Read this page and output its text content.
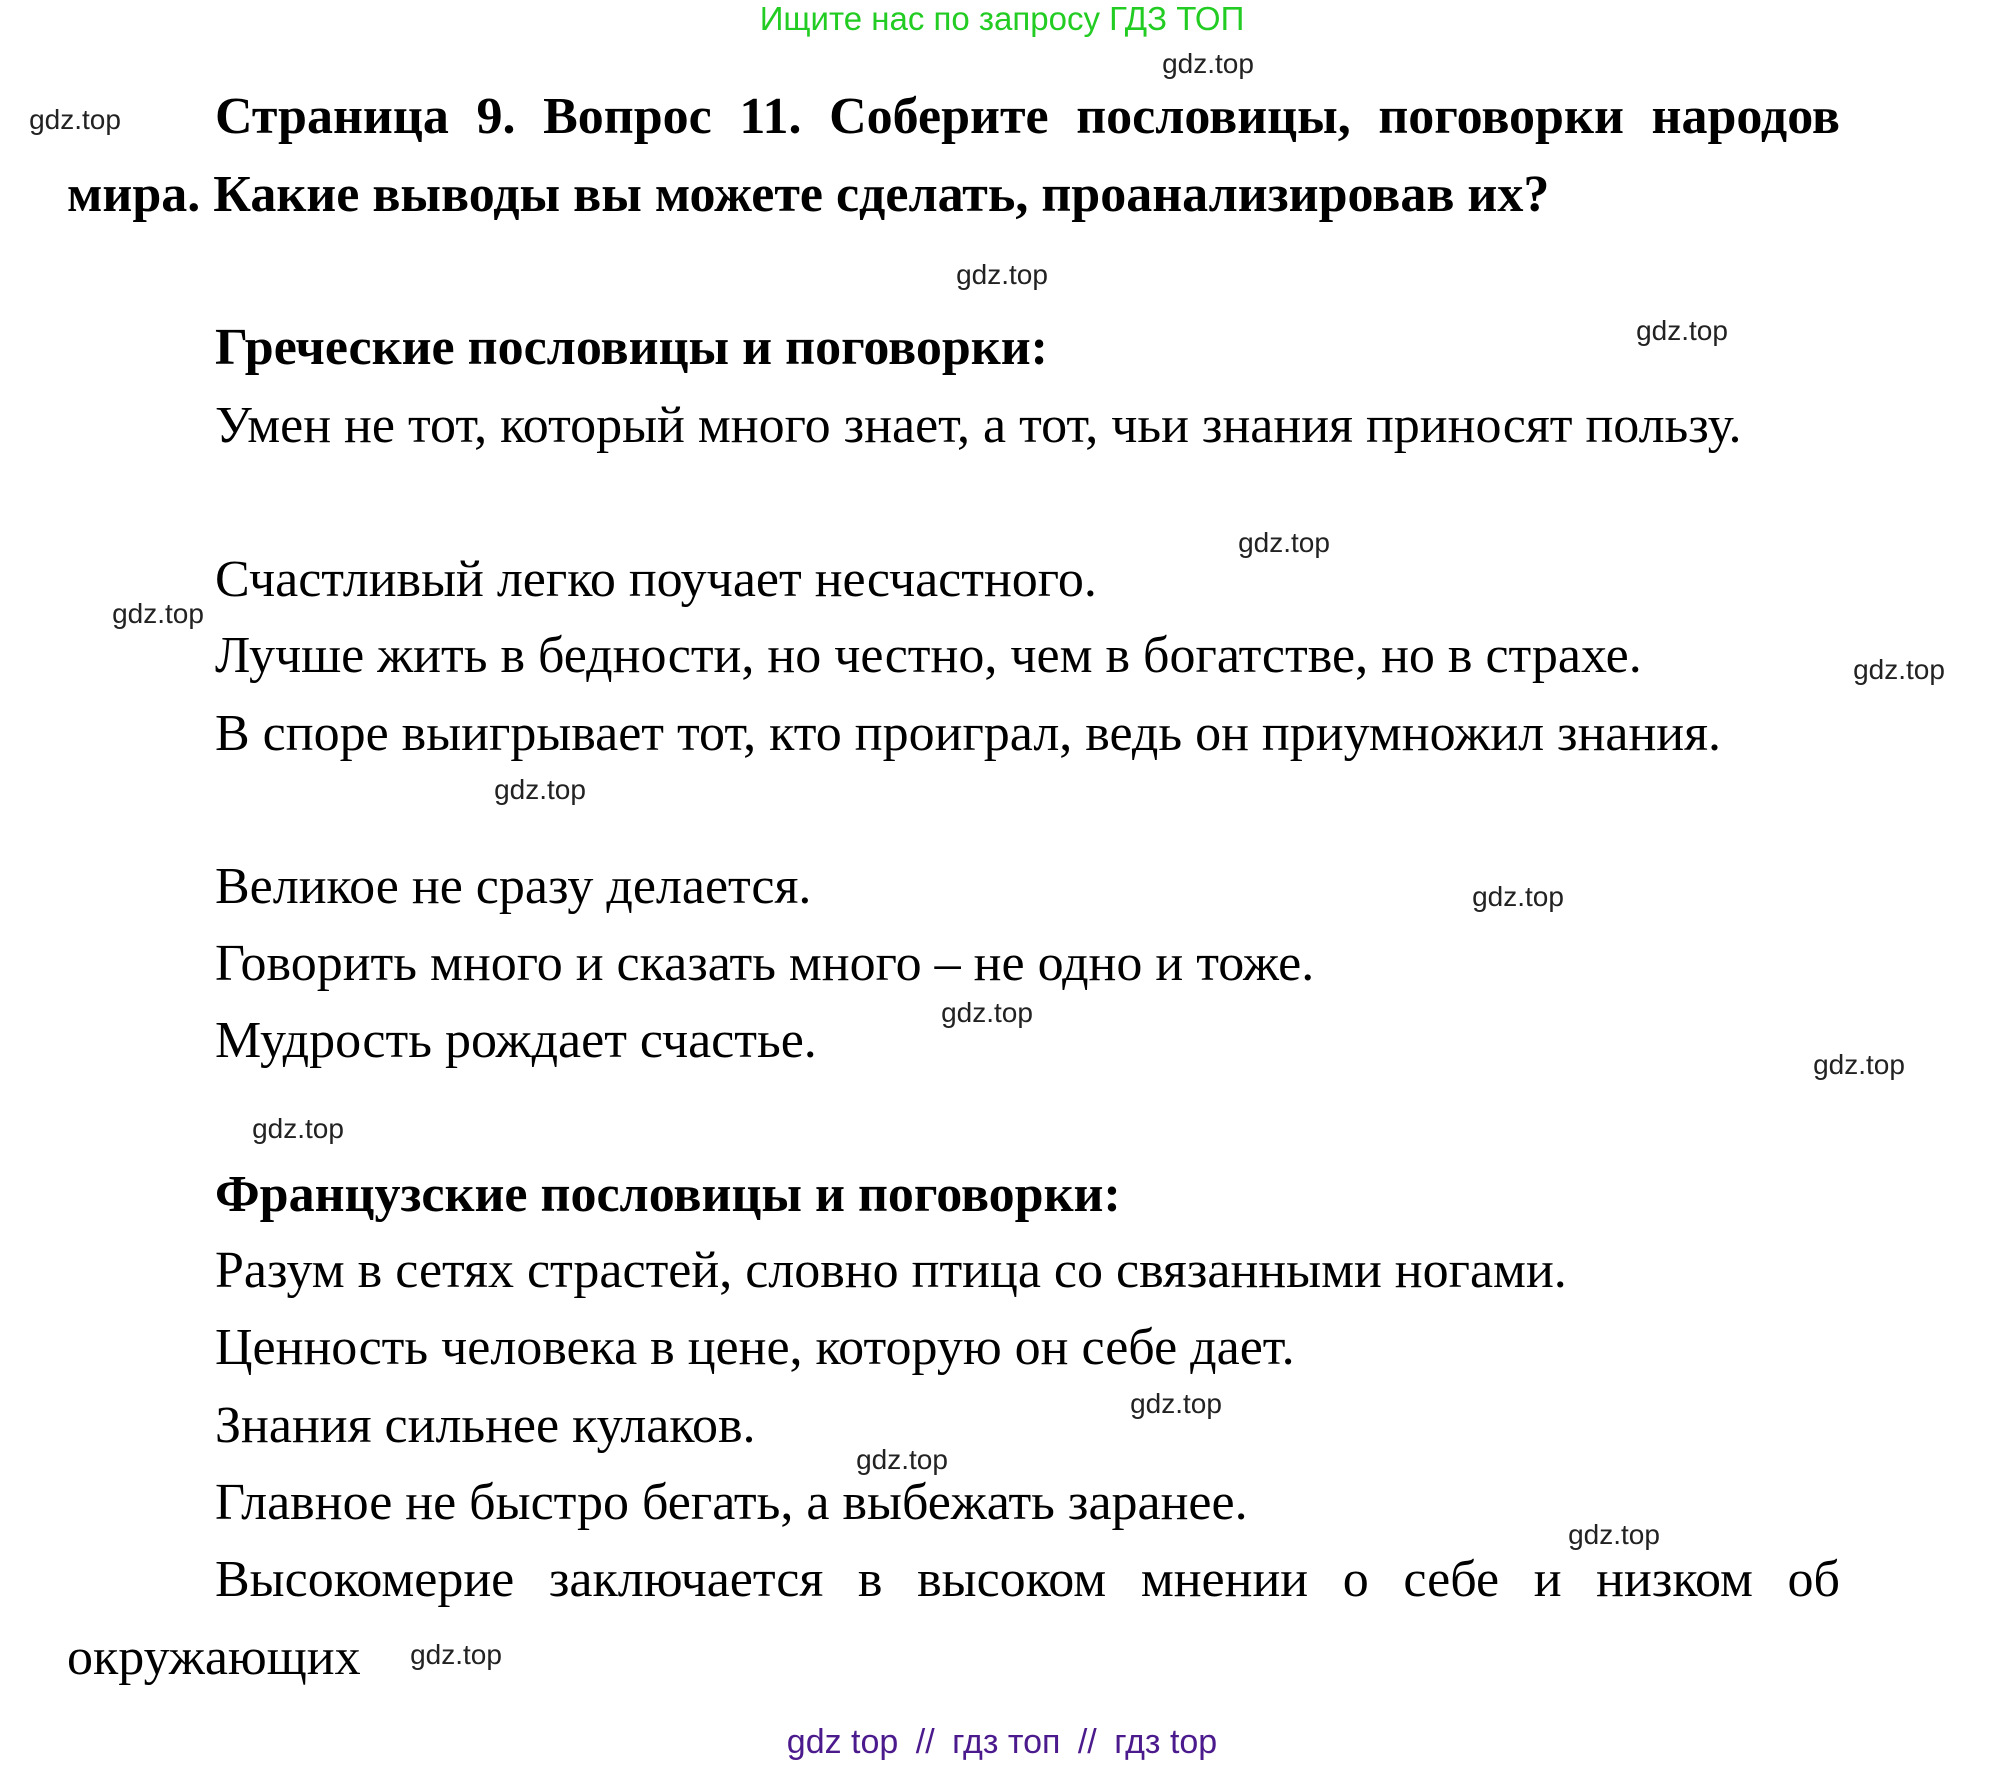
Ищите нас по запросу ГДЗ ТОП

Страница 9. Вопрос 11. Соберите пословицы, поговорки народов мира. Какие выводы вы можете сделать, проанализировав их?

Греческие пословицы и поговорки:

Умен не тот, который много знает, а тот, чьи знания приносят пользу.

Счастливый легко поучает несчастного.

Лучше жить в бедности, но честно, чем в богатстве, но в страхе.

В споре выигрывает тот, кто проиграл, ведь он приумножил знания.

Великое не сразу делается.

Говорить много и сказать много – не одно и тоже.

Мудрость рождает счастье.

Французские пословицы и поговорки:

Разум в сетях страстей, словно птица со связанными ногами.

Ценность человека в цене, которую он себе дает.

Знания сильнее кулаков.

Главное не быстро бегать, а выбежать заранее.

Высокомерие заключается в высоком мнении о себе и низком об окружающих

gdz.top
gdz.top
gdz.top
gdz.top
gdz.top
gdz.top
gdz.top
gdz.top
gdz.top
gdz.top
gdz.top
gdz.top
gdz.top
gdz.top
gdz.top
gdz.top
gdz top // гдз топ // гдз top
